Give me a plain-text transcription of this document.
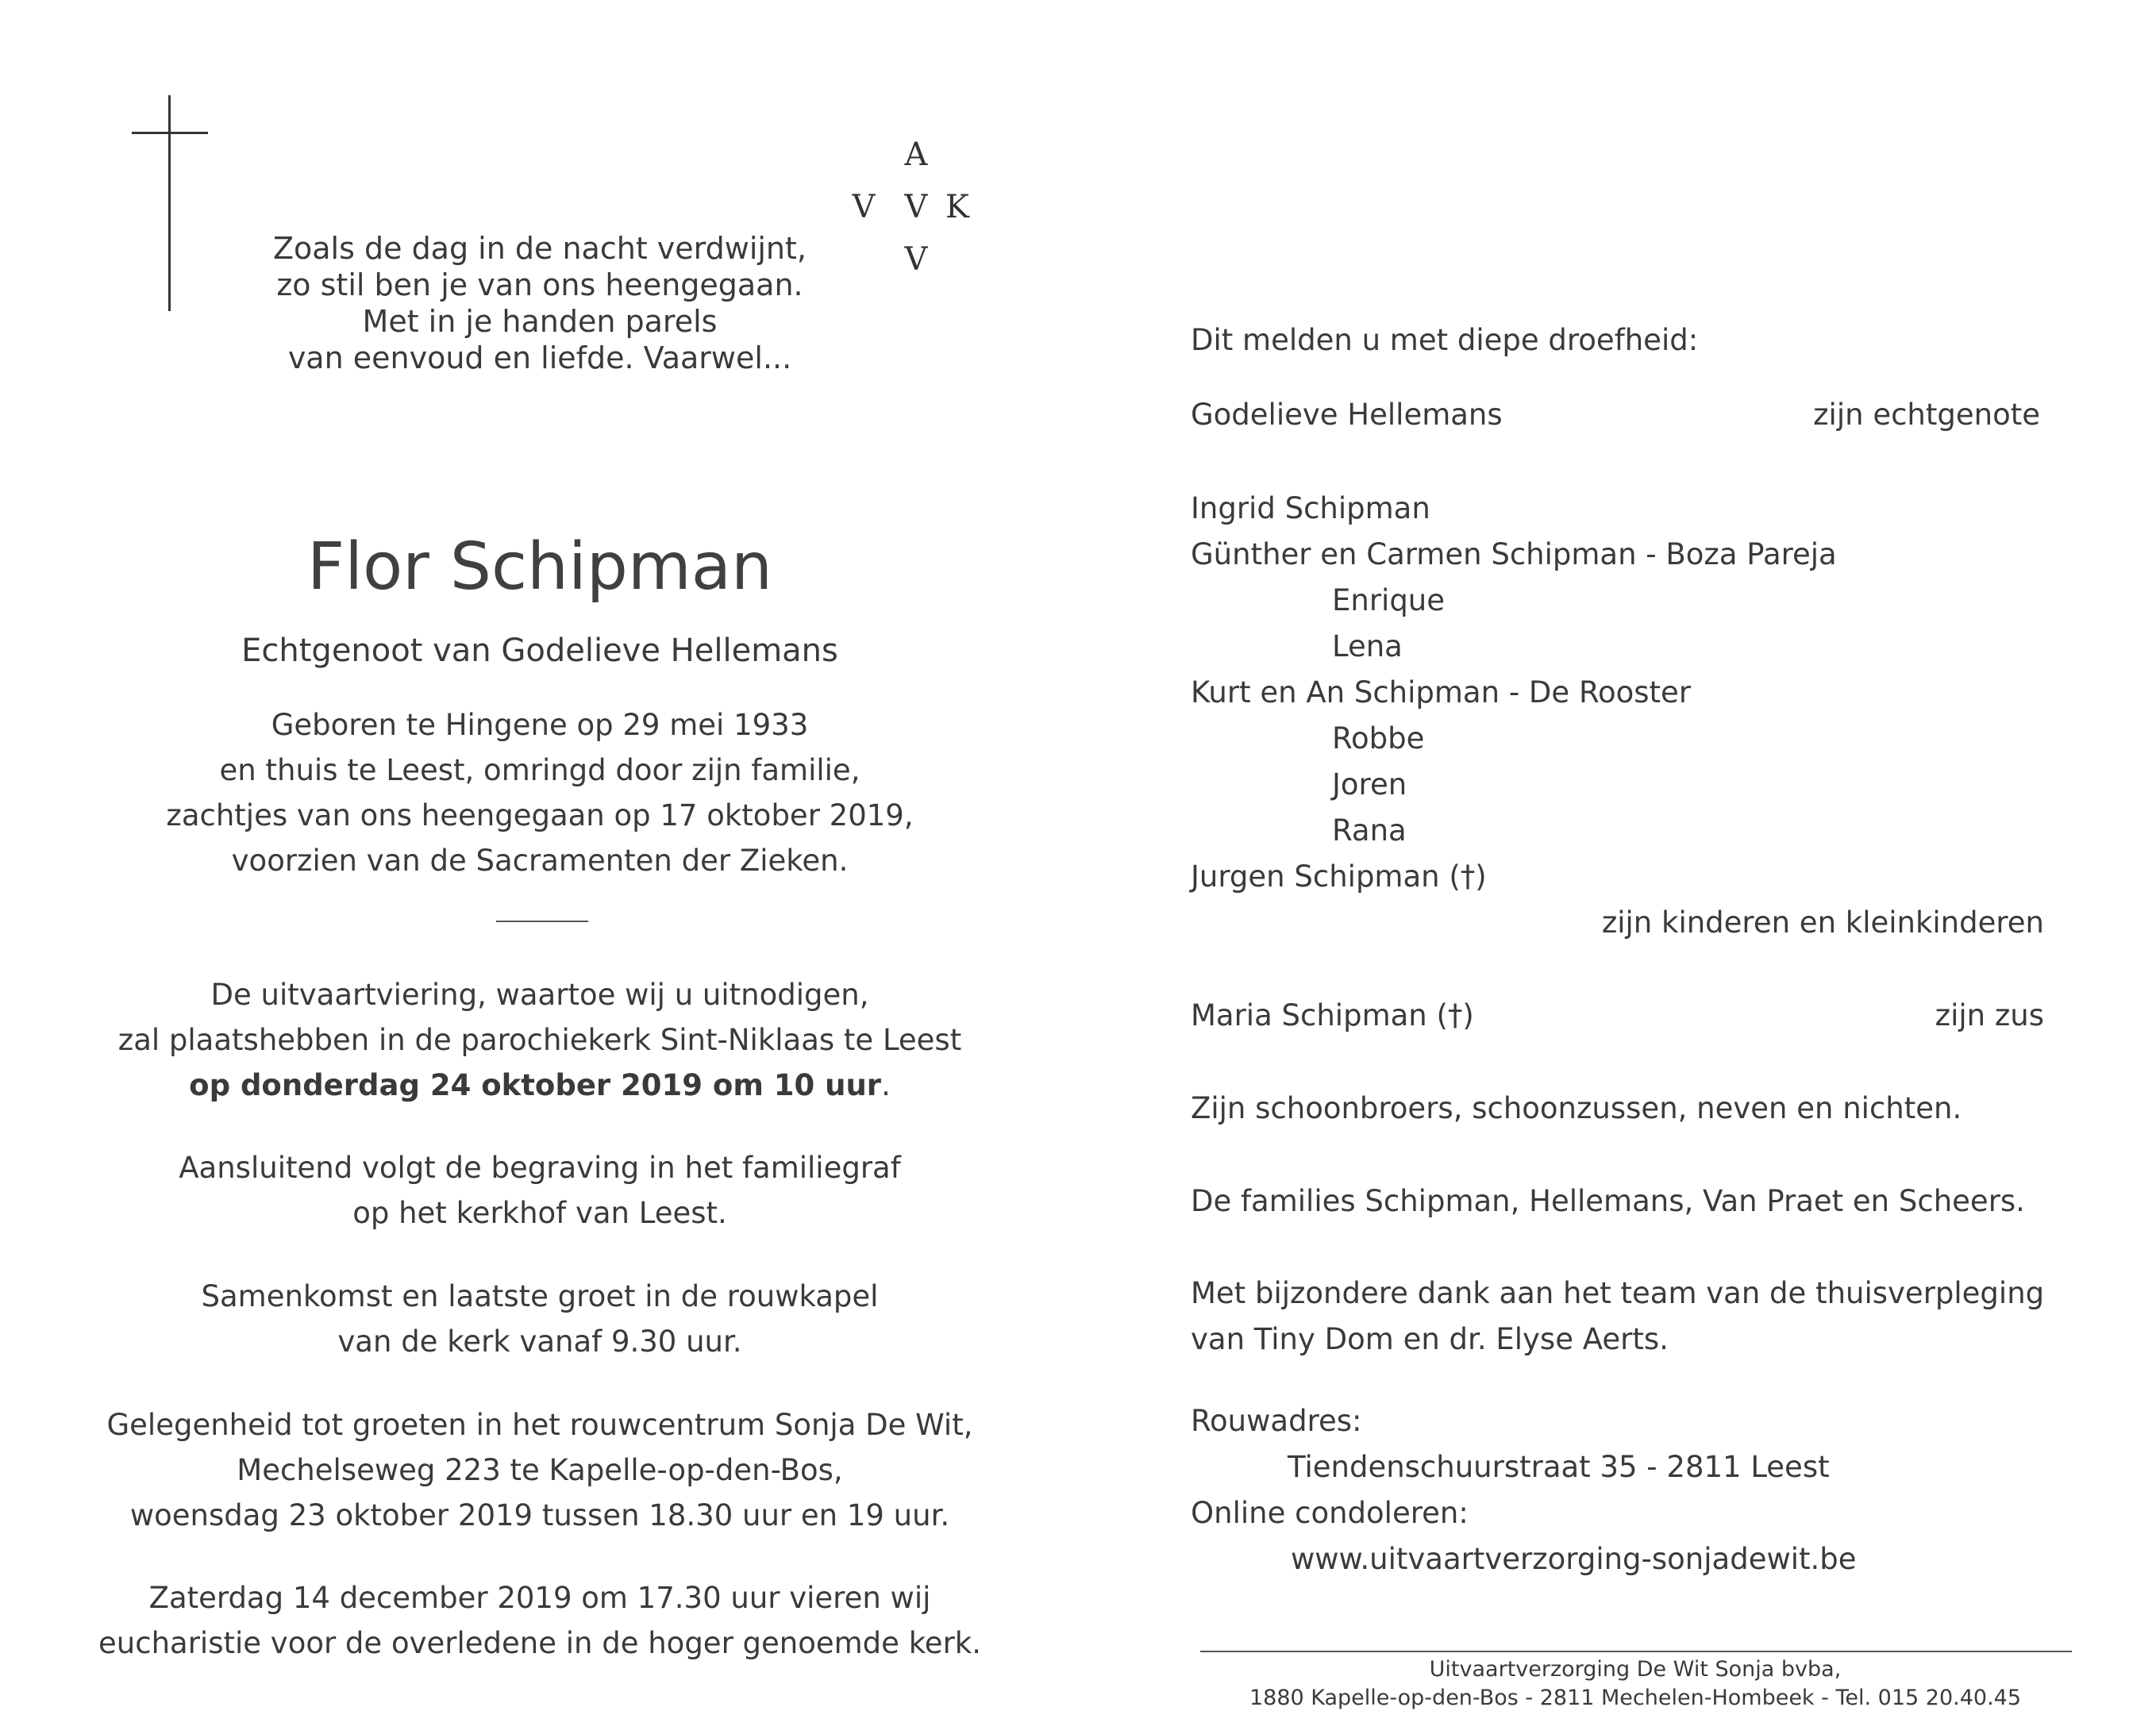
A
V V K
V
Zoals de dag in de nacht verdwijnt,
zo stil ben je van ons heengegaan.
Met in je handen parels
van eenvoud en liefde. Vaarwel...
Flor Schipman
Echtgenoot van Godelieve Hellemans
Geboren te Hingene op 29 mei 1933
en thuis te Leest, omringd door zijn familie,
zachtjes van ons heengegaan op 17 oktober 2019,
voorzien van de Sacramenten der Zieken.
De uitvaartviering, waartoe wij u uitnodigen,
zal plaatshebben in de parochiekerk Sint-Niklaas te Leest
op donderdag 24 oktober 2019 om 10 uur.
Aansluitend volgt de begraving in het familiegraf
op het kerkhof van Leest.
Samenkomst en laatste groet in de rouwkapel
van de kerk vanaf 9.30 uur.
Gelegenheid tot groeten in het rouwcentrum Sonja De Wit,
Mechelseweg 223 te Kapelle-op-den-Bos,
woensdag 23 oktober 2019 tussen 18.30 uur en 19 uur.
Zaterdag 14 december 2019 om 17.30 uur vieren wij
eucharistie voor de overledene in de hoger genoemde kerk.
Dit melden u met diepe droefheid:
Godelieve Hellemans	zijn echtgenote
Ingrid Schipman
Günther en Carmen Schipman - Boza Pareja
Enrique
Lena
Kurt en An Schipman - De Rooster
Robbe
Joren
Rana
Jurgen Schipman (†)
zijn kinderen en kleinkinderen
Maria Schipman (†)	zijn zus
Zijn schoonbroers, schoonzussen, neven en nichten.
De families Schipman, Hellemans, Van Praet en Scheers.
Met bijzondere dank aan het team van de thuisverpleging
van Tiny Dom en dr. Elyse Aerts.
Rouwadres:
Tiendenschuurstraat 35 - 2811 Leest
Online condoleren:
www.uitvaartverzorging-sonjadewit.be
Uitvaartverzorging De Wit Sonja bvba,
1880 Kapelle-op-den-Bos - 2811 Mechelen-Hombeek - Tel. 015 20.40.45
